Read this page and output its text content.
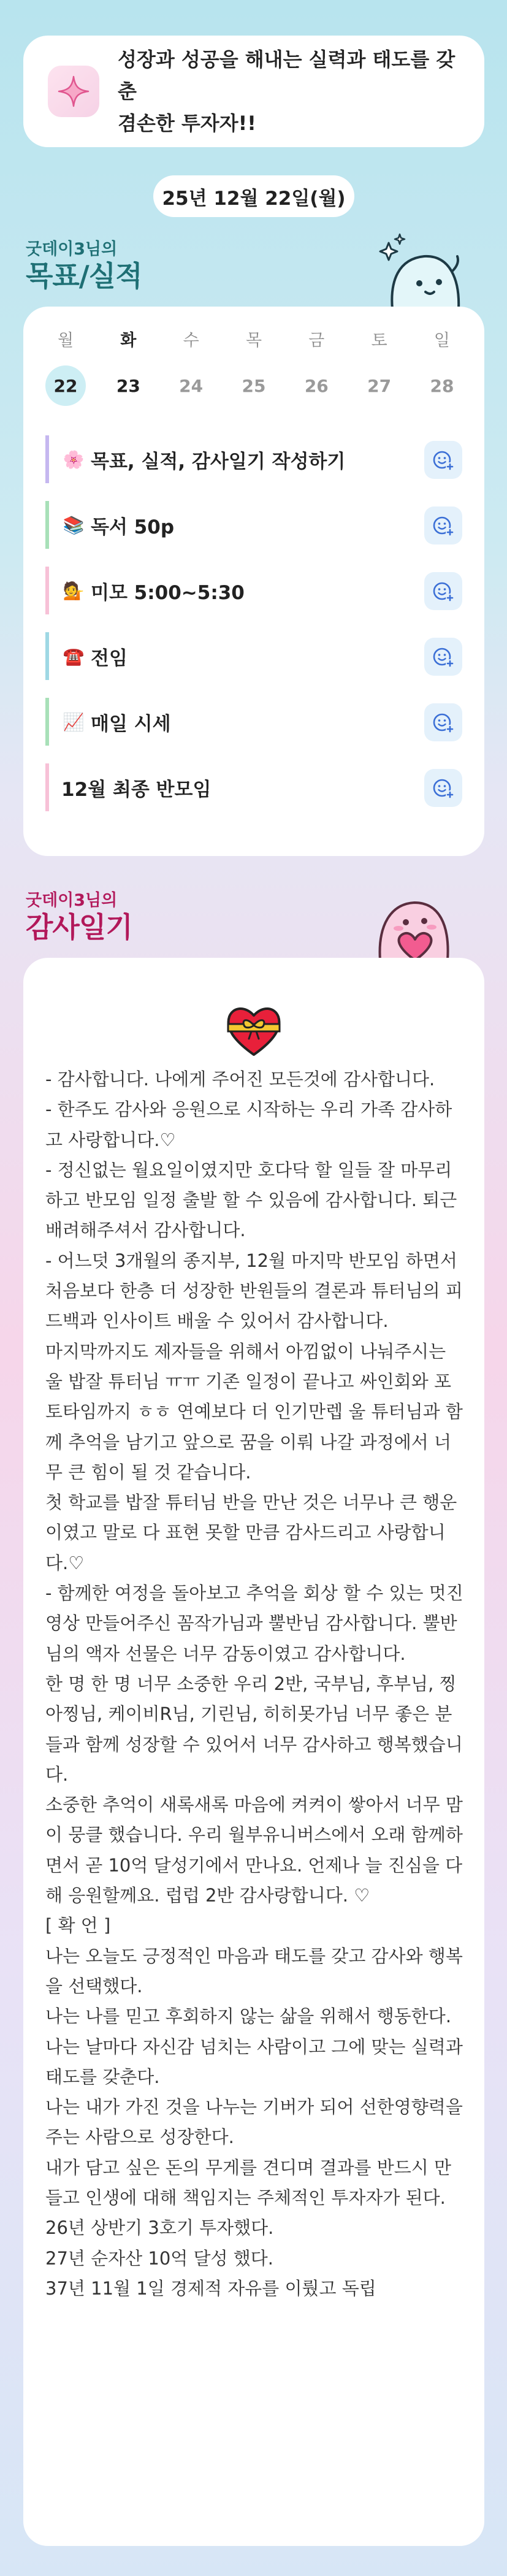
성장과 성공을 해내는 실력과 태도를 갖춘
겸손한 투자자!!
25년 12월 22일(월)
굿데이3님의
목표/실적
월
22
화
23
수
24
목
25
금
26
토
27
일
28
🌸 목표, 실적, 감사일기 작성하기
📚 독서 50p
💁 미모 5:00~5:30
☎️ 전임
📈 매일 시세
12월 최종 반모임
굿데이3님의
감사일기
- 감사합니다. 나에게 주어진 모든것에 감사합니다.
- 한주도 감사와 응원으로 시작하는 우리 가족 감사하고 사랑합니다.♡
- 정신없는 월요일이였지만 호다닥 할 일들 잘 마무리하고 반모임 일정 출발 할 수 있음에 감사합니다. 퇴근 배려해주셔서 감사합니다.
- 어느덧 3개월의 종지부, 12월 마지막 반모임 하면서 처음보다 한층 더 성장한 반원들의 결론과 튜터님의 피드백과 인사이트 배울 수 있어서 감사합니다.
마지막까지도 제자들을 위해서 아낌없이 나눠주시는 울 밥잘 튜터님 ㅠㅠ 기존 일정이 끝나고 싸인회와 포토타임까지 ㅎㅎ 연예보다 더 인기만렙 울 튜터님과 함께 추억을 남기고 앞으로 꿈을 이뤄 나갈 과정에서 너무 큰 힘이 될 것 같습니다.
첫 학교를 밥잘 튜터님 반을 만난 것은 너무나 큰 행운이였고 말로 다 표현 못할 만큼 감사드리고 사랑합니다.♡
- 함께한 여정을 돌아보고 추억을 회상 할 수 있는 멋진 영상 만들어주신 꼼작가님과 뿔반님 감사합니다. 뿔반님의 액자 선물은 너무 감동이였고 감사합니다.
한 명 한 명 너무 소중한 우리 2반, 국부님, 후부님, 찡아찡님, 케이비R님, 기린님, 히히못가님 너무 좋은 분들과 함께 성장할 수 있어서 너무 감사하고 행복했습니다.
소중한 추억이 새록새록 마음에 켜켜이 쌓아서 너무 맘이 뭉클 했습니다. 우리 월부유니버스에서 오래 함께하면서 곧 10억 달성기에서 만나요. 언제나 늘 진심을 다해 응원할께요. 럽럽 2반 감사랑합니다. ♡
[ 확 언 ]
나는 오늘도 긍정적인 마음과 태도를 갖고 감사와 행복을 선택했다.
나는 나를 믿고 후회하지 않는 삶을 위해서 행동한다.
나는 날마다 자신감 넘치는 사람이고 그에 맞는 실력과 태도를 갖춘다.
나는 내가 가진 것을 나누는 기버가 되어 선한영향력을 주는 사람으로 성장한다.
내가 담고 싶은 돈의 무게를 견디며 결과를 반드시 만들고 인생에 대해 책임지는 주체적인 투자자가 된다.
26년 상반기 3호기 투자했다.
27년 순자산 10억 달성 했다.
37년 11월 1일 경제적 자유를 이뤘고 독립
